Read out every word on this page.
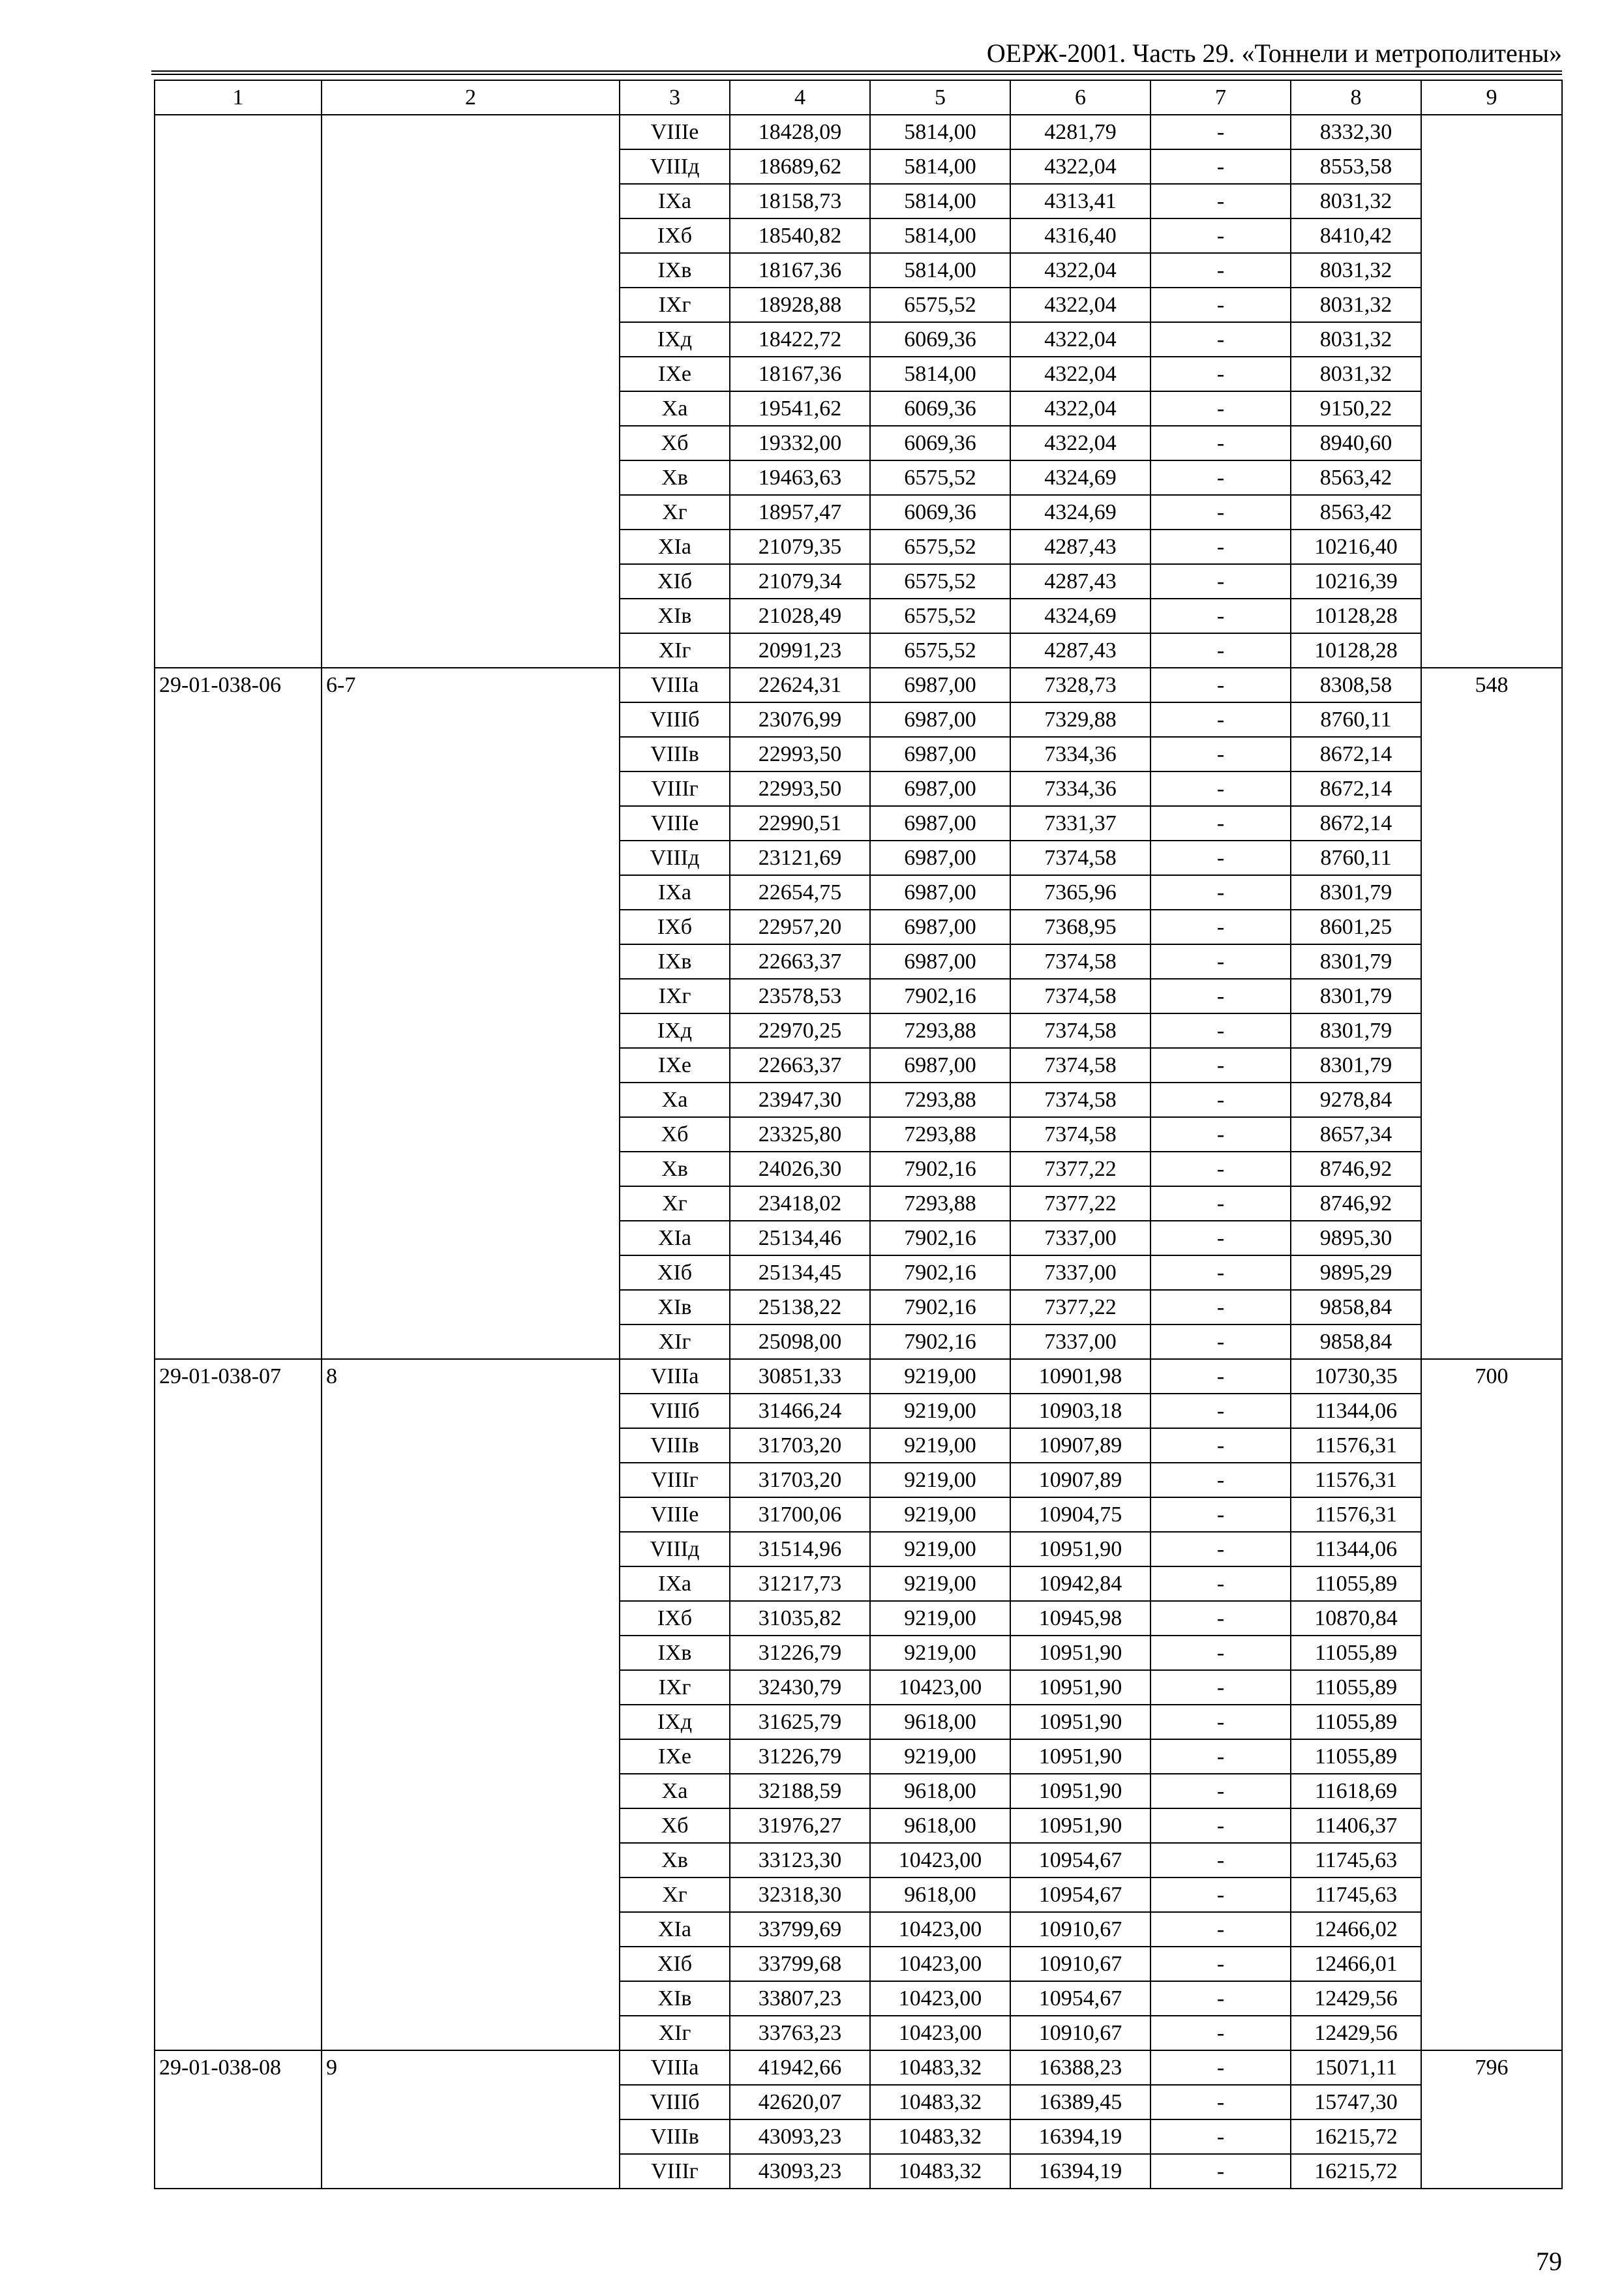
ОЕРЖ-2001. Часть 29. «Тоннели и метрополитены»
1	2	3	4	5	6	7	8	9
		VIIIе	18428,09	5814,00	4281,79	-	8332,30	
		VIIIд	18689,62	5814,00	4322,04	-	8553,58	
		IХа	18158,73	5814,00	4313,41	-	8031,32	
		IХб	18540,82	5814,00	4316,40	-	8410,42	
		IХв	18167,36	5814,00	4322,04	-	8031,32	
		IХг	18928,88	6575,52	4322,04	-	8031,32	
		IХд	18422,72	6069,36	4322,04	-	8031,32	
		IХе	18167,36	5814,00	4322,04	-	8031,32	
		Ха	19541,62	6069,36	4322,04	-	9150,22	
		Хб	19332,00	6069,36	4322,04	-	8940,60	
		Хв	19463,63	6575,52	4324,69	-	8563,42	
		Хг	18957,47	6069,36	4324,69	-	8563,42	
		ХIа	21079,35	6575,52	4287,43	-	10216,40	
		ХIб	21079,34	6575,52	4287,43	-	10216,39	
		ХIв	21028,49	6575,52	4324,69	-	10128,28	
		ХIг	20991,23	6575,52	4287,43	-	10128,28	
29-01-038-06	6-7	VIIIа	22624,31	6987,00	7328,73	-	8308,58	548
		VIIIб	23076,99	6987,00	7329,88	-	8760,11	
		VIIIв	22993,50	6987,00	7334,36	-	8672,14	
		VIIIг	22993,50	6987,00	7334,36	-	8672,14	
		VIIIе	22990,51	6987,00	7331,37	-	8672,14	
		VIIIд	23121,69	6987,00	7374,58	-	8760,11	
		IХа	22654,75	6987,00	7365,96	-	8301,79	
		IХб	22957,20	6987,00	7368,95	-	8601,25	
		IХв	22663,37	6987,00	7374,58	-	8301,79	
		IХг	23578,53	7902,16	7374,58	-	8301,79	
		IХд	22970,25	7293,88	7374,58	-	8301,79	
		IХе	22663,37	6987,00	7374,58	-	8301,79	
		Ха	23947,30	7293,88	7374,58	-	9278,84	
		Хб	23325,80	7293,88	7374,58	-	8657,34	
		Хв	24026,30	7902,16	7377,22	-	8746,92	
		Хг	23418,02	7293,88	7377,22	-	8746,92	
		ХIа	25134,46	7902,16	7337,00	-	9895,30	
		ХIб	25134,45	7902,16	7337,00	-	9895,29	
		ХIв	25138,22	7902,16	7377,22	-	9858,84	
		ХIг	25098,00	7902,16	7337,00	-	9858,84	
29-01-038-07	8	VIIIа	30851,33	9219,00	10901,98	-	10730,35	700
		VIIIб	31466,24	9219,00	10903,18	-	11344,06	
		VIIIв	31703,20	9219,00	10907,89	-	11576,31	
		VIIIг	31703,20	9219,00	10907,89	-	11576,31	
		VIIIе	31700,06	9219,00	10904,75	-	11576,31	
		VIIIд	31514,96	9219,00	10951,90	-	11344,06	
		IХа	31217,73	9219,00	10942,84	-	11055,89	
		IХб	31035,82	9219,00	10945,98	-	10870,84	
		IХв	31226,79	9219,00	10951,90	-	11055,89	
		IХг	32430,79	10423,00	10951,90	-	11055,89	
		IХд	31625,79	9618,00	10951,90	-	11055,89	
		IХе	31226,79	9219,00	10951,90	-	11055,89	
		Ха	32188,59	9618,00	10951,90	-	11618,69	
		Хб	31976,27	9618,00	10951,90	-	11406,37	
		Хв	33123,30	10423,00	10954,67	-	11745,63	
		Хг	32318,30	9618,00	10954,67	-	11745,63	
		ХIа	33799,69	10423,00	10910,67	-	12466,02	
		ХIб	33799,68	10423,00	10910,67	-	12466,01	
		ХIв	33807,23	10423,00	10954,67	-	12429,56	
		ХIг	33763,23	10423,00	10910,67	-	12429,56	
29-01-038-08	9	VIIIа	41942,66	10483,32	16388,23	-	15071,11	796
		VIIIб	42620,07	10483,32	16389,45	-	15747,30	
		VIIIв	43093,23	10483,32	16394,19	-	16215,72	
		VIIIг	43093,23	10483,32	16394,19	-	16215,72	
79
